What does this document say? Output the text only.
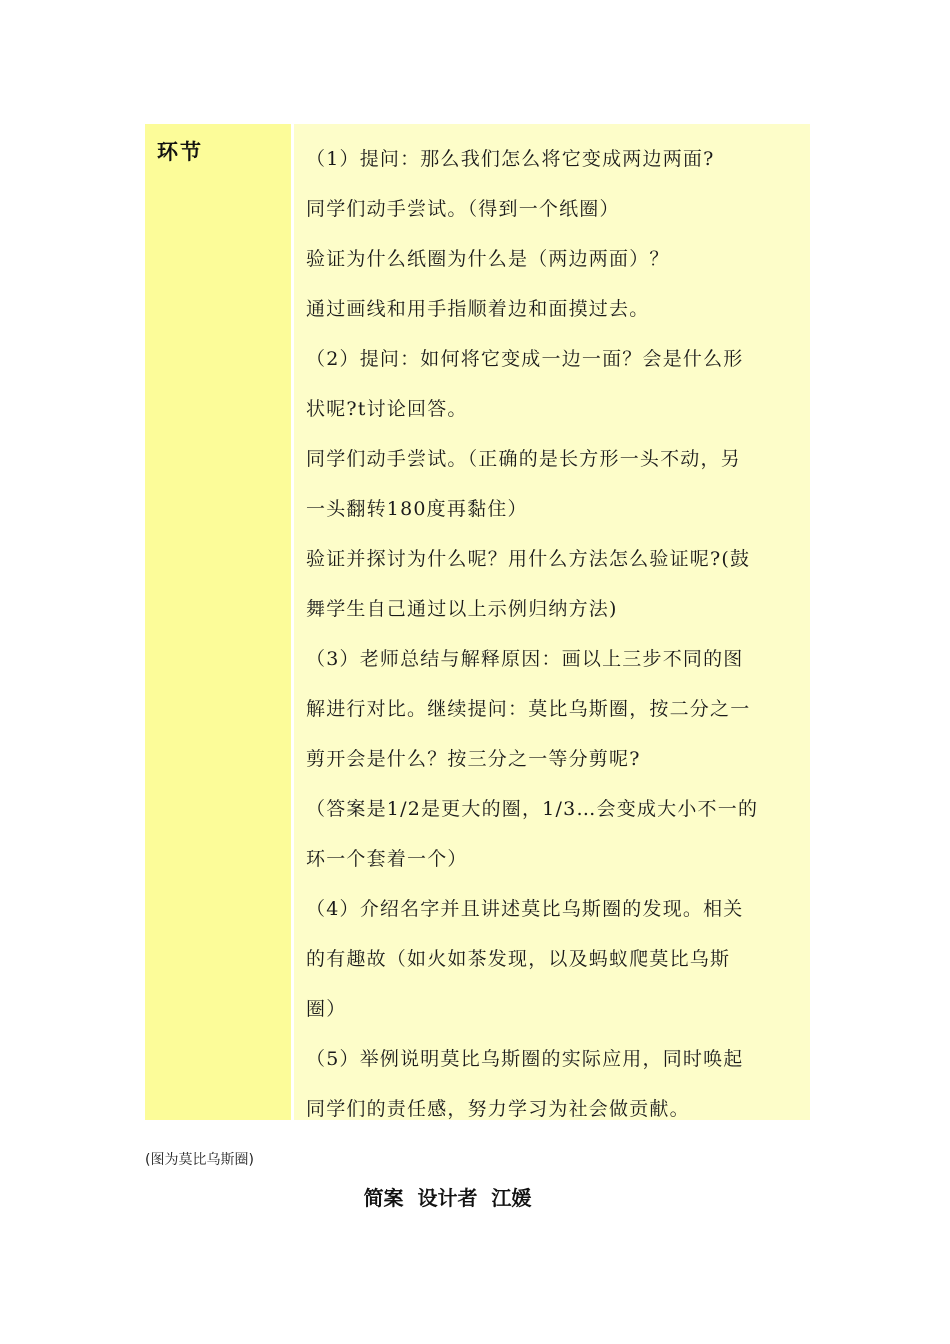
环节	（1）提问：那么我们怎么将它变成两边两面?
同学们动手尝试。（得到一个纸圈）
验证为什么纸圈为什么是（两边两面）？
通过画线和用手指顺着边和面摸过去。
（2）提问：如何将它变成一边一面？会是什么形
状呢?t讨论回答。
同学们动手尝试。（正确的是长方形一头不动，另
一头翻转180度再黏住）
验证并探讨为什么呢？用什么方法怎么验证呢?(鼓
舞学生自己通过以上示例归纳方法)
（3）老师总结与解释原因：画以上三步不同的图
解进行对比。继续提问：莫比乌斯圈，按二分之一
剪开会是什么？按三分之一等分剪呢?
（答案是1/2是更大的圈，1/3…会变成大小不一的
环一个套着一个）
（4）介绍名字并且讲述莫比乌斯圈的发现。相关
的有趣故（如火如茶发现，以及蚂蚁爬莫比乌斯
圈）
（5）举例说明莫比乌斯圈的实际应用，同时唤起
同学们的责任感，努力学习为社会做贡献。
(图为莫比乌斯圈)
简案  设计者  江媛
